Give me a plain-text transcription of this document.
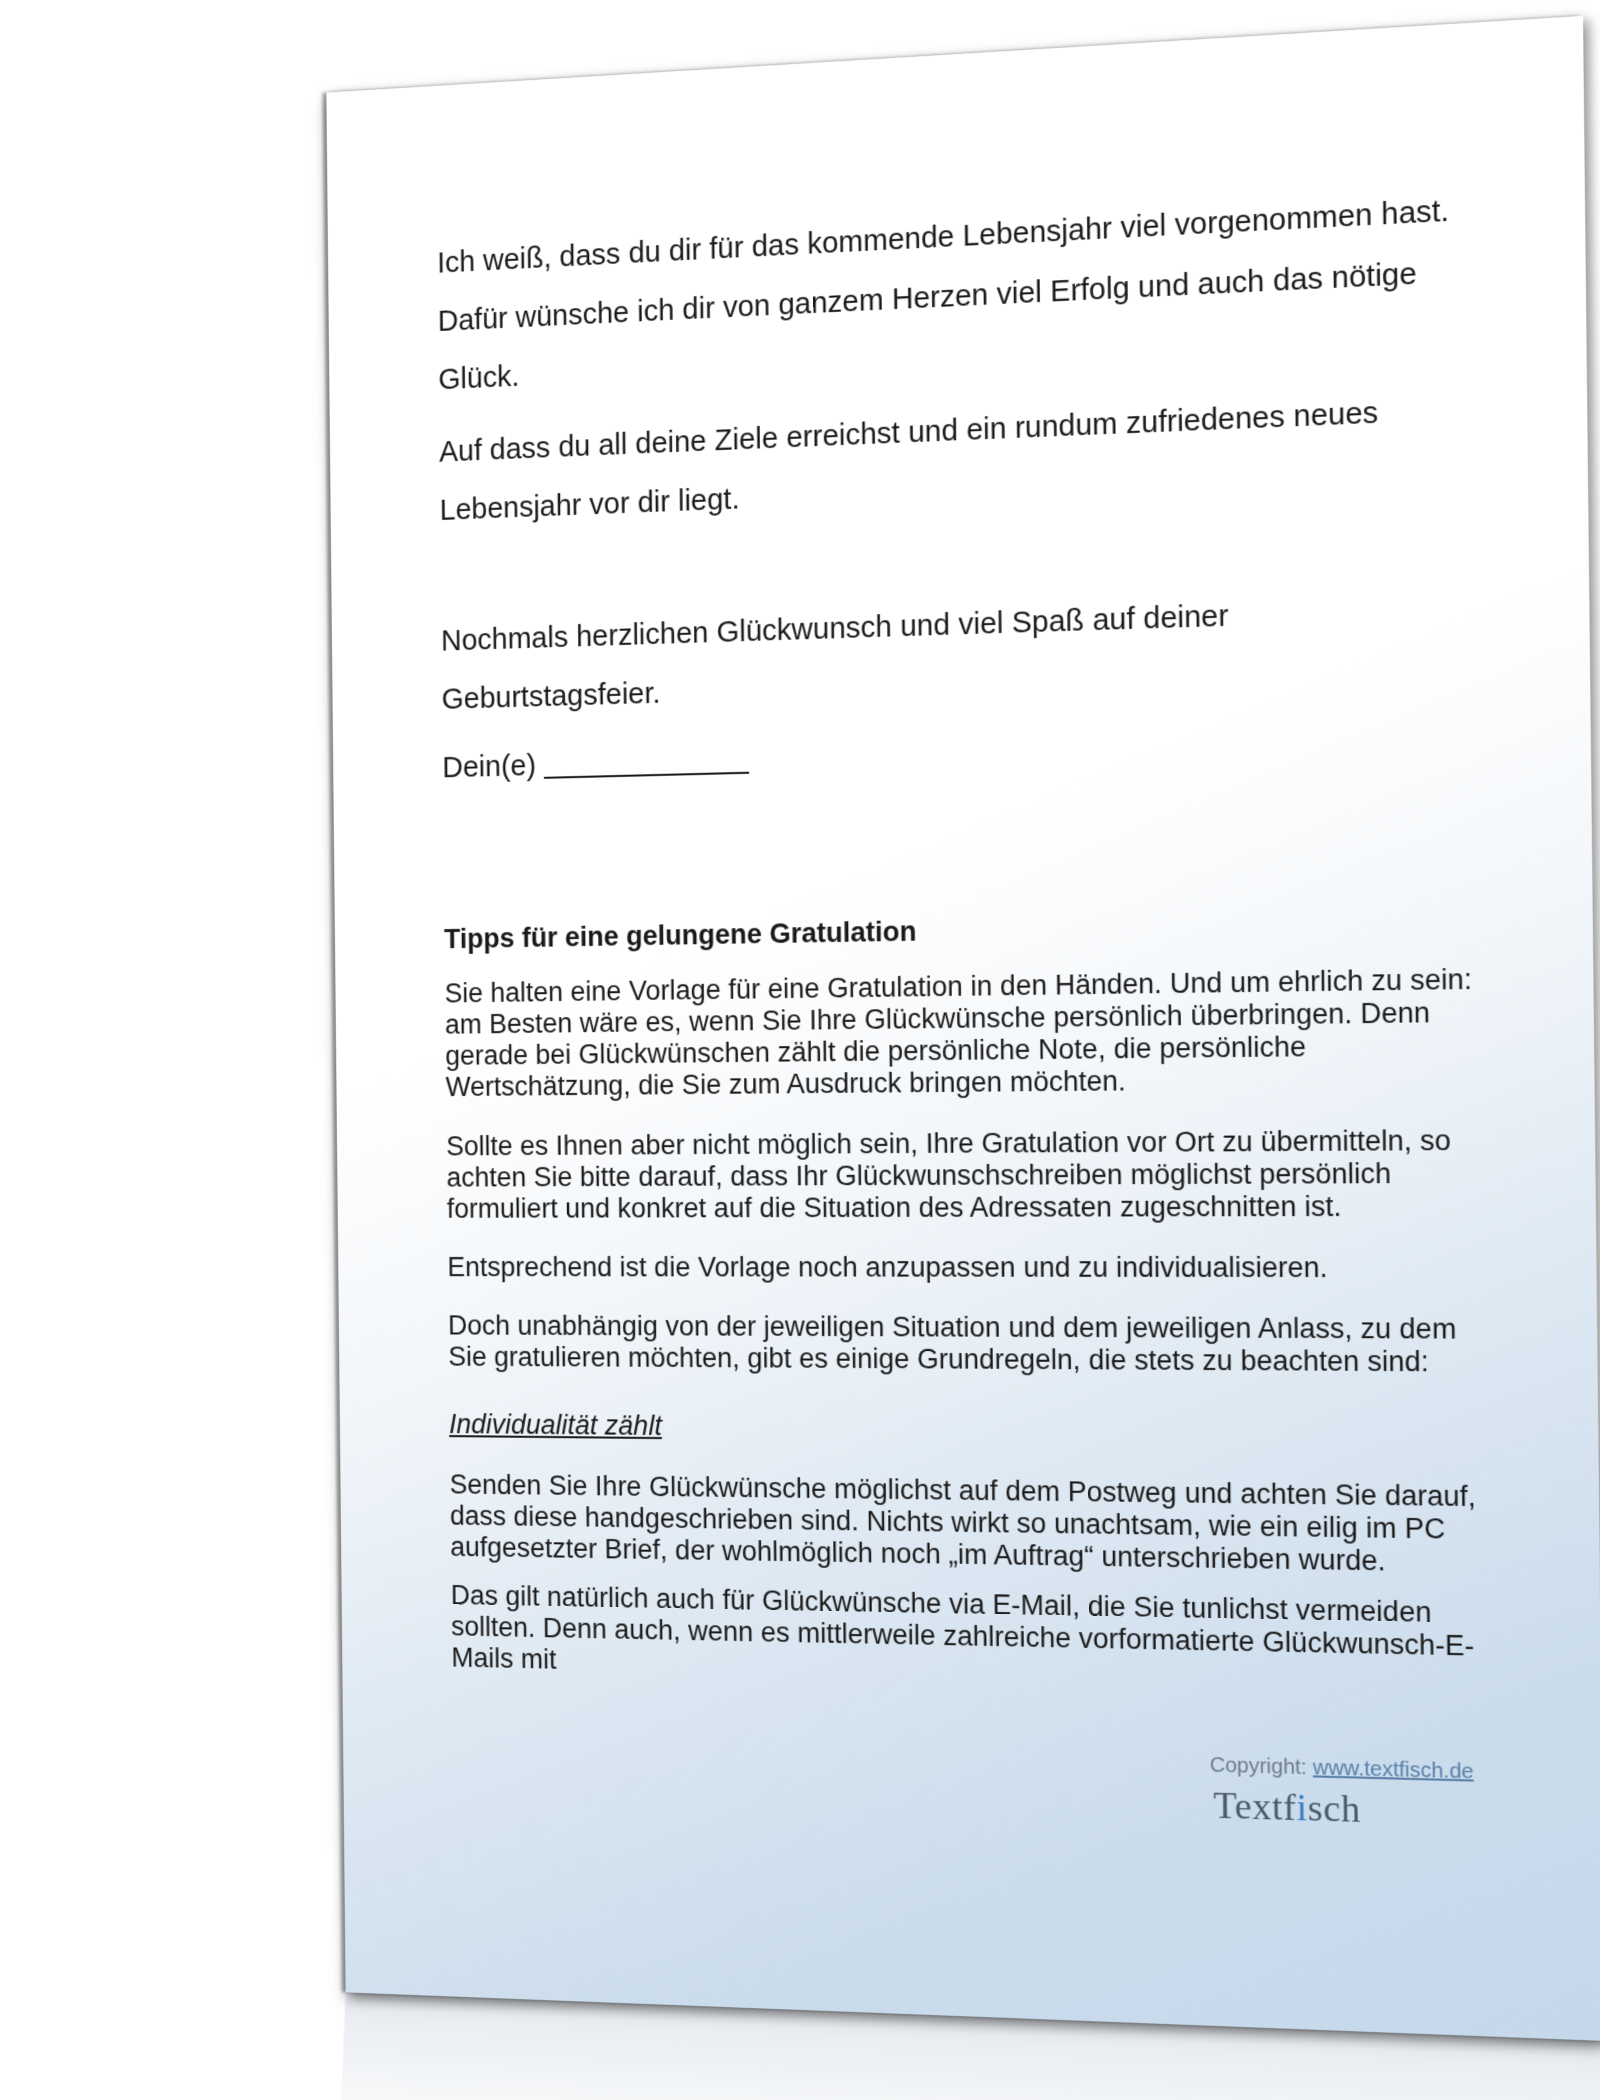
Ich weiß, dass du dir für das kommende Lebensjahr viel vorgenommen hast. Dafür wünsche ich dir von ganzem Herzen viel Erfolg und auch das nötige Glück.

Auf dass du all deine Ziele erreichst und ein rundum zufriedenes neues Lebensjahr vor dir liegt.

Nochmals herzlichen Glückwunsch und viel Spaß auf deiner Geburtstagsfeier.

Dein(e)

Tipps für eine gelungene Gratulation

Sie halten eine Vorlage für eine Gratulation in den Händen. Und um ehrlich zu sein: am Besten wäre es, wenn Sie Ihre Glückwünsche persönlich überbringen. Denn gerade bei Glückwünschen zählt die persönliche Note, die persönliche Wertschätzung, die Sie zum Ausdruck bringen möchten.

Sollte es Ihnen aber nicht möglich sein, Ihre Gratulation vor Ort zu übermitteln, so achten Sie bitte darauf, dass Ihr Glückwunschschreiben möglichst persönlich formuliert und konkret auf die Situation des Adressaten zugeschnitten ist.

Entsprechend ist die Vorlage noch anzupassen und zu individualisieren.

Doch unabhängig von der jeweiligen Situation und dem jeweiligen Anlass, zu dem Sie gratulieren möchten, gibt es einige Grundregeln, die stets zu beachten sind:

Individualität zählt

Senden Sie Ihre Glückwünsche möglichst auf dem Postweg und achten Sie darauf, dass diese handgeschrieben sind. Nichts wirkt so unachtsam, wie ein eilig im PC aufgesetzter Brief, der wohlmöglich noch „im Auftrag“ unterschrieben wurde.

Das gilt natürlich auch für Glückwünsche via E-Mail, die Sie tunlichst vermeiden sollten. Denn auch, wenn es mittlerweile zahlreiche vorformatierte Glückwunsch-E-Mails mit

Copyright: www.textfisch.de
Textfisch
